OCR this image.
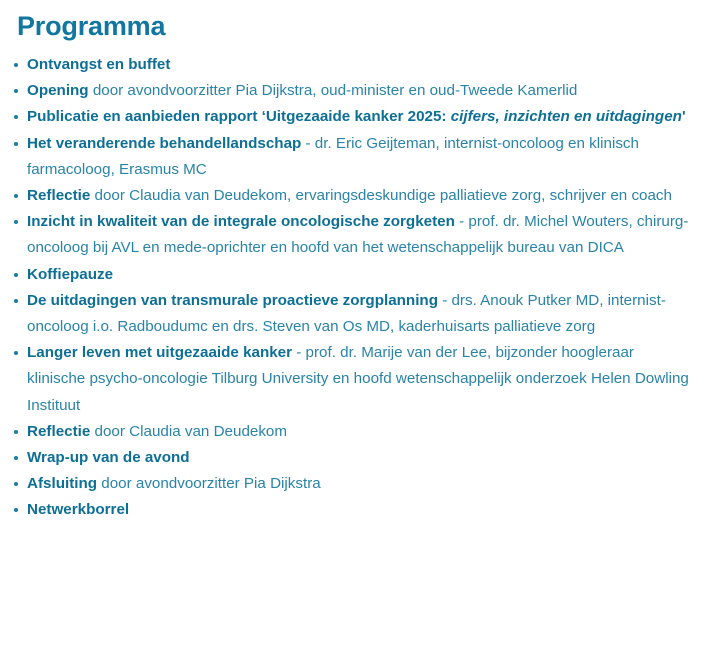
Programma
Ontvangst en buffet
Opening door avondvoorzitter Pia Dijkstra, oud-minister en oud-Tweede Kamerlid
Publicatie en aanbieden rapport ‘Uitgezaaide kanker 2025: cijfers, inzichten en uitdagingen'
Het veranderende behandellandschap - dr. Eric Geijteman, internist-oncoloog en klinisch farmacoloog, Erasmus MC
Reflectie door Claudia van Deudekom, ervaringsdeskundige palliatieve zorg, schrijver en coach
Inzicht in kwaliteit van de integrale oncologische zorgketen - prof. dr. Michel Wouters, chirurg-oncoloog bij AVL en mede-oprichter en hoofd van het wetenschappelijk bureau van DICA
Koffiepauze
De uitdagingen van transmurale proactieve zorgplanning - drs. Anouk Putker MD, internist-oncoloog i.o. Radboudumc en drs. Steven van Os MD, kaderhuisarts palliatieve zorg
Langer leven met uitgezaaide kanker - prof. dr. Marije van der Lee, bijzonder hoogleraar klinische psycho-oncologie Tilburg University en hoofd wetenschappelijk onderzoek Helen Dowling Instituut
Reflectie door Claudia van Deudekom
Wrap-up van de avond
Afsluiting door avondvoorzitter Pia Dijkstra
Netwerkborrel
